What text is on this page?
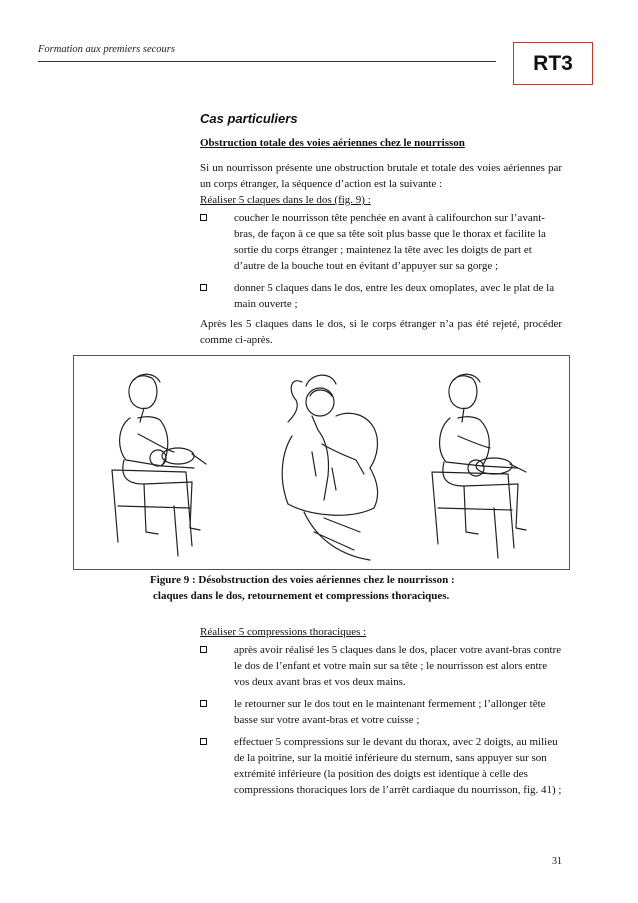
Formation aux premiers secours
RT3
Cas particuliers
Obstruction totale des voies aériennes chez le nourrisson

Si un nourrisson présente une obstruction brutale et totale des voies aériennes par un corps étranger, la séquence d’action est la suivante :

Réaliser 5 claques dans le dos (fig. 9) :
coucher le nourrisson tête penchée en avant à califourchon sur l’avant-bras, de façon à ce que sa tête soit plus basse que le thorax et facilite la sortie du corps étranger ; maintenez la tête avec les doigts de part et d’autre de la bouche tout en évitant d’appuyer sur sa gorge ;
donner 5 claques dans le dos, entre les deux omoplates, avec le plat de la main ouverte ;

Après les 5 claques dans le dos, si le corps étranger n’a pas été rejeté, procéder comme ci-après.

Figure 9 : Désobstruction des voies aériennes chez le nourrisson :
claques dans le dos, retournement et compressions thoraciques.
Réaliser 5 compressions thoraciques :
après avoir réalisé les 5 claques dans le dos, placer votre avant-bras contre le dos de l’enfant et votre main sur sa tête ; le nourrisson est alors entre vos deux avant bras et vos deux mains.
le retourner sur le dos tout en le maintenant fermement ; l’allonger tête basse sur votre avant-bras et votre cuisse ;
effectuer 5 compressions sur le devant du thorax, avec 2 doigts, au milieu de la poitrine, sur la moitié inférieure du sternum, sans appuyer sur son extrémité inférieure (la position des doigts est identique à celle des compressions thoraciques lors de l’arrêt cardiaque du nourrisson, fig. 41) ;
31
